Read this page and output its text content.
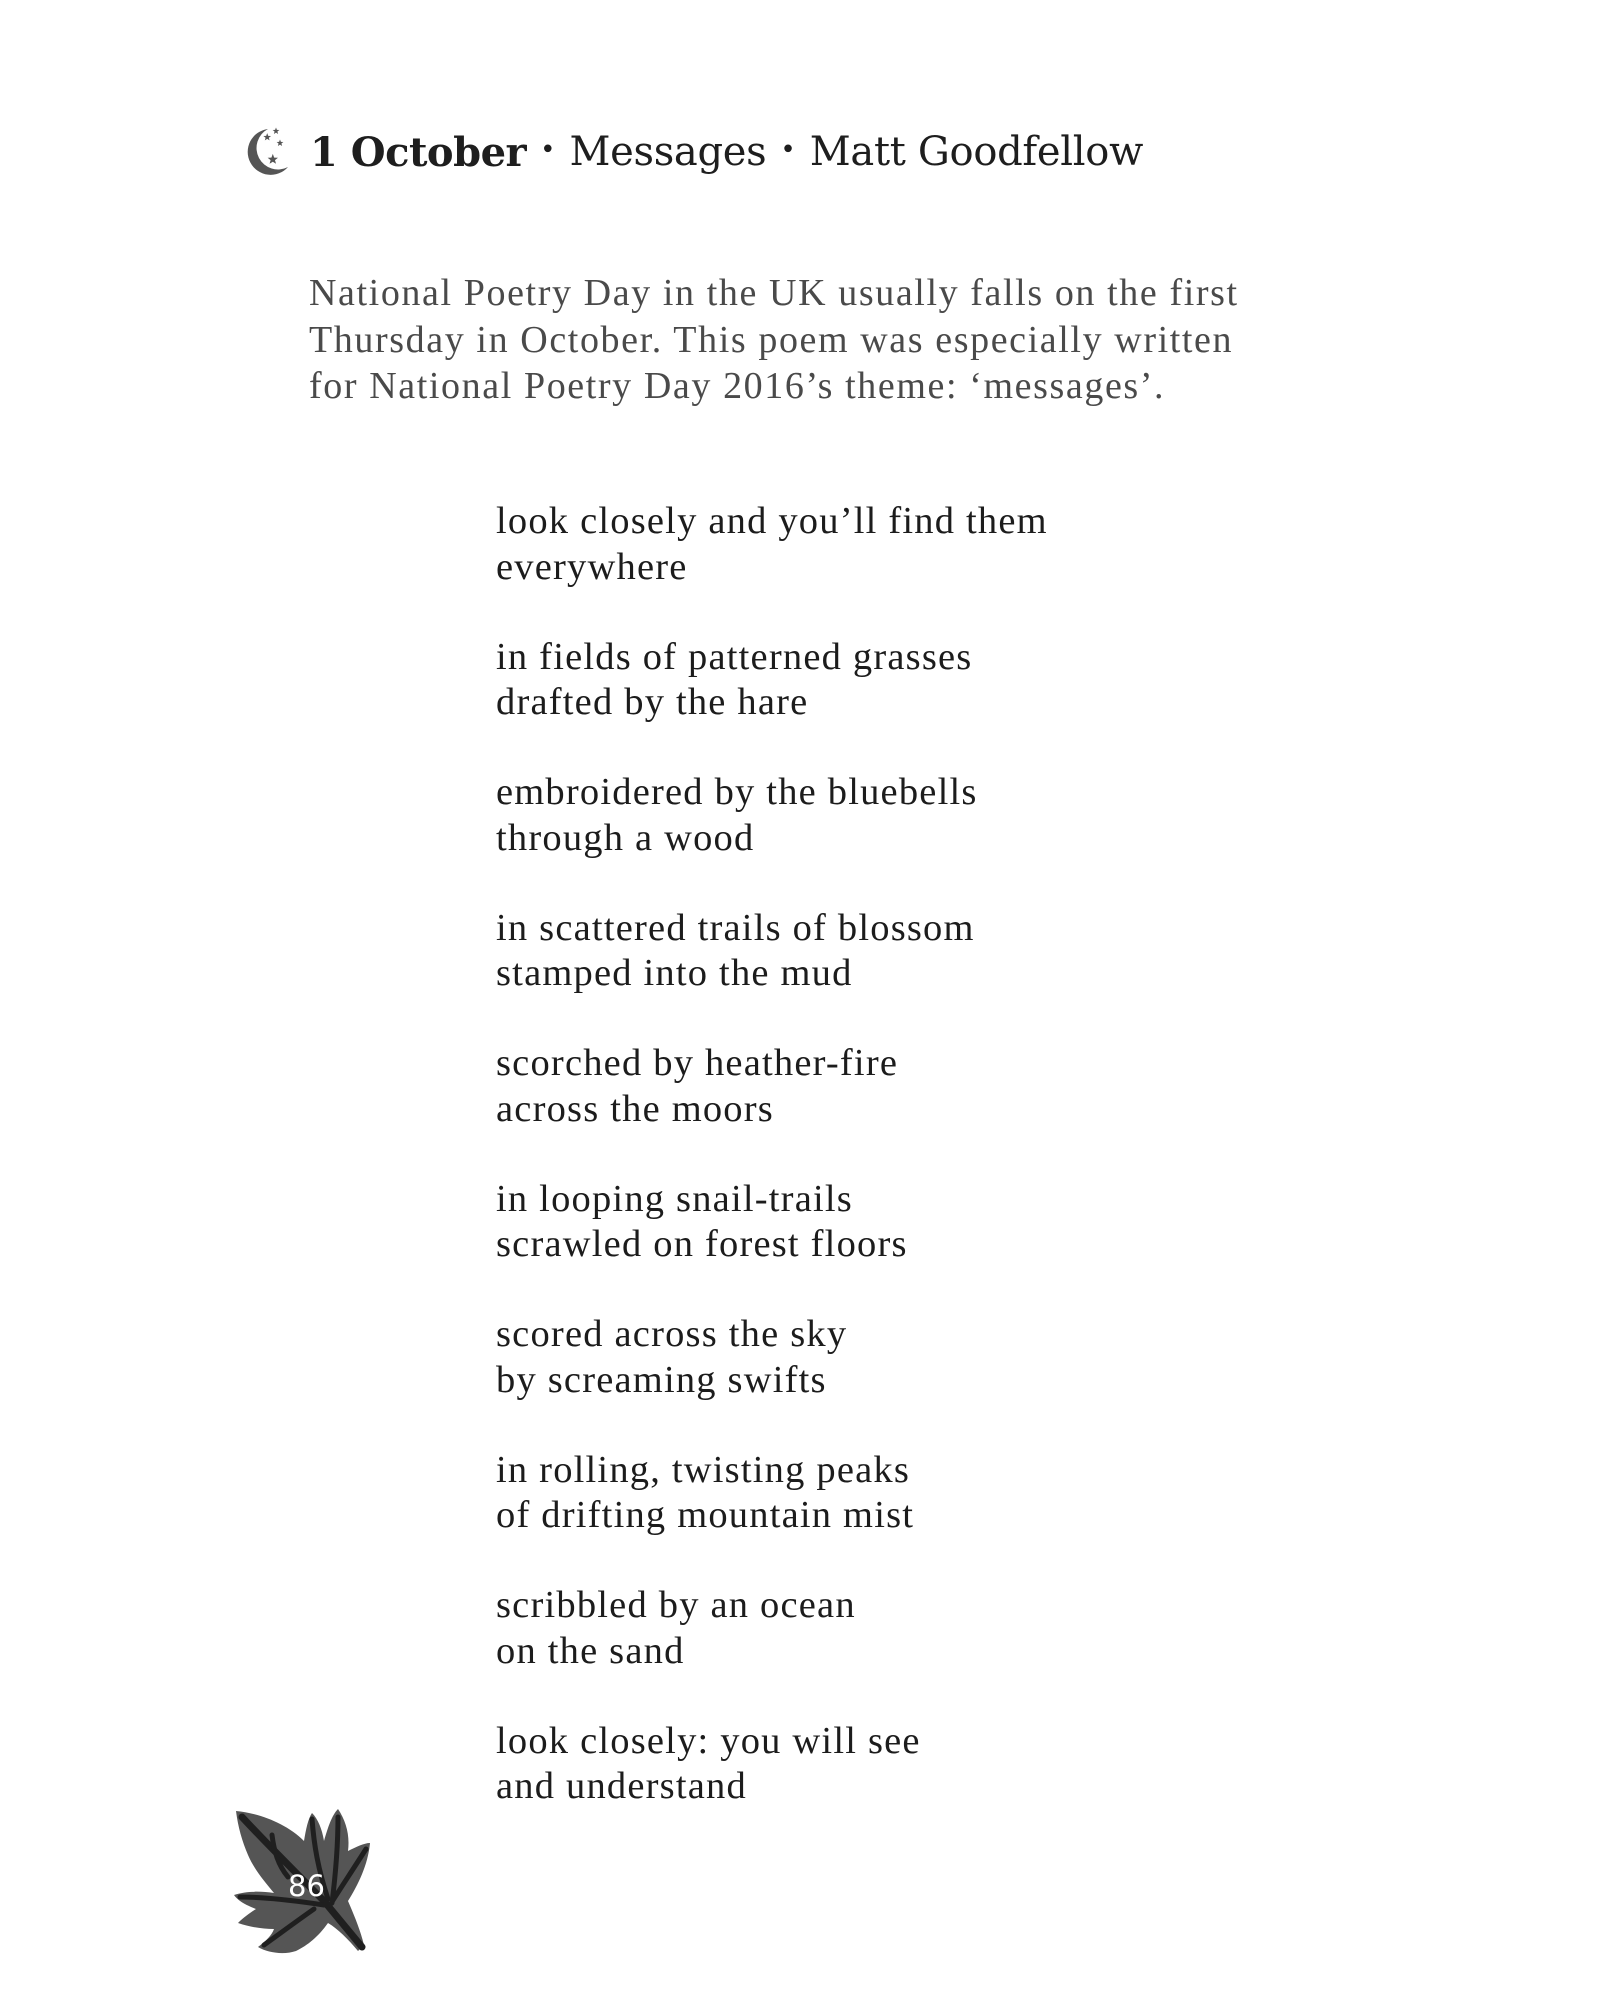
1 October • Messages • Matt Goodfellow
National Poetry Day in the UK usually falls on the first
Thursday in October. This poem was especially written
for National Poetry Day 2016’s theme: ‘messages’.
look closely and you’ll find them
everywhere
in fields of patterned grasses
drafted by the hare
embroidered by the bluebells
through a wood
in scattered trails of blossom
stamped into the mud
scorched by heather-fire
across the moors
in looping snail-trails
scrawled on forest floors
scored across the sky
by screaming swifts
in rolling, twisting peaks
of drifting mountain mist
scribbled by an ocean
on the sand
look closely: you will see
and understand
86
